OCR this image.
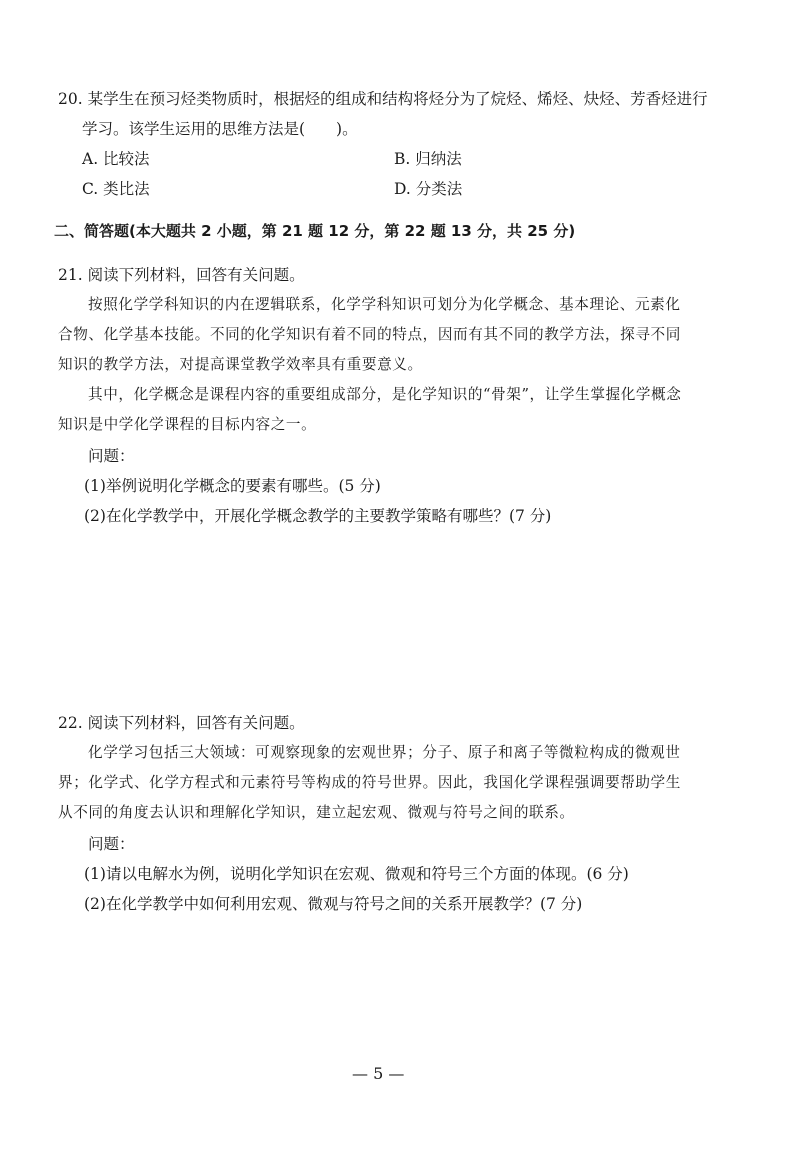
20. 某学生在预习烃类物质时，根据烃的组成和结构将烃分为了烷烃、烯烃、炔烃、芳香烃进行
学习。该学生运用的思维方法是(　　)。
A. 比较法	B. 归纳法
C. 类比法	D. 分类法
二、简答题(本大题共 2 小题，第 21 题 12 分，第 22 题 13 分，共 25 分)
21. 阅读下列材料，回答有关问题。
按照化学学科知识的内在逻辑联系，化学学科知识可划分为化学概念、基本理论、元素化
合物、化学基本技能。不同的化学知识有着不同的特点，因而有其不同的教学方法，探寻不同
知识的教学方法，对提高课堂教学效率具有重要意义。
其中，化学概念是课程内容的重要组成部分，是化学知识的“骨架”，让学生掌握化学概念
知识是中学化学课程的目标内容之一。
问题：
(1)举例说明化学概念的要素有哪些。(5 分)
(2)在化学教学中，开展化学概念教学的主要教学策略有哪些？(7 分)
22. 阅读下列材料，回答有关问题。
化学学习包括三大领域：可观察现象的宏观世界；分子、原子和离子等微粒构成的微观世
界；化学式、化学方程式和元素符号等构成的符号世界。因此，我国化学课程强调要帮助学生
从不同的角度去认识和理解化学知识，建立起宏观、微观与符号之间的联系。
问题：
(1)请以电解水为例，说明化学知识在宏观、微观和符号三个方面的体现。(6 分)
(2)在化学教学中如何利用宏观、微观与符号之间的关系开展教学？(7 分)
— 5 —
